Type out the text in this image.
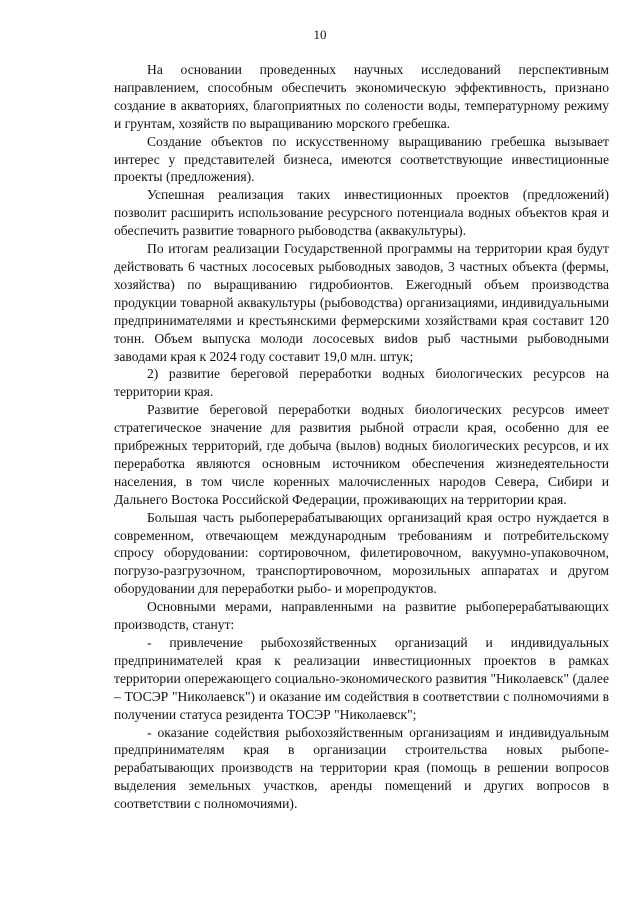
10

На основании проведенных научных исследований перспективным направлением, способным обеспечить экономическую эффективность, признано создание в акваториях, благоприятных по солености воды, температурному режиму и грунтам, хозяйств по выращиванию морского гребешка.

Создание объектов по искусственному выращиванию гребешка вызывает интерес у представителей бизнеса, имеются соответствующие инвестиционные проекты (предложения).

Успешная реализация таких инвестиционных проектов (предложений) позволит расширить использование ресурсного потенциала водных объектов края и обеспечить развитие товарного рыбоводства (аквакультуры).

По итогам реализации Государственной программы на территории края будут действовать 6 частных лососевых рыбоводных заводов, 3 частных объекта (фермы, хозяйства) по выращиванию гидробионтов. Ежегодный объем производства продукции товарной аквакультуры (рыбоводства) организациями, индивидуальными предпринимателями и крестьянскими фермерскими хозяйствами края составит 120 тонн. Объем выпуска молоди лососевых виdов рыб частными рыбоводными заводами края к 2024 году составит 19,0 млн. штук;

2) развитие береговой переработки водных биологических ресурсов на территории края.

Развитие береговой переработки водных биологических ресурсов имеет стратегическое значение для развития рыбной отрасли края, особенно для ее прибрежных территорий, где добыча (вылов) водных биологических ресурсов, и их переработка являются основным источником обеспечения жизнедеятельности населения, в том числе коренных малочисленных народов Севера, Сибири и Дальнего Востока Российской Федерации, проживающих на территории края.

Большая часть рыбоперерабатывающих организаций края остро нуждается в современном, отвечающем международным требованиям и потребительскому спросу оборудовании: сортировочном, филетировочном, вакуумно-упаковочном, погрузо-разгрузочном, транспортировочном, морозильных аппаратах и другом оборудовании для переработки рыбо- и морепродуктов.

Основными мерами, направленными на развитие рыбоперерабатывающих производств, станут:

- привлечение рыбохозяйственных организаций и индивидуальных предпринимателей края к реализации инвестиционных проектов в рамках территории опережающего социально-экономического развития "Николаевск" (далее – ТОСЭР "Николаевск") и оказание им содействия в соответствии с полномочиями в получении статуса резидента ТОСЭР "Николаевск";

- оказание содействия рыбохозяйственным организациям и индивидуальным предпринимателям края в организации строительства новых рыбоперерабатывающих производств на территории края (помощь в решении вопросов выделения земельных участков, аренды помещений и других вопросов в соответствии с полномочиями).
